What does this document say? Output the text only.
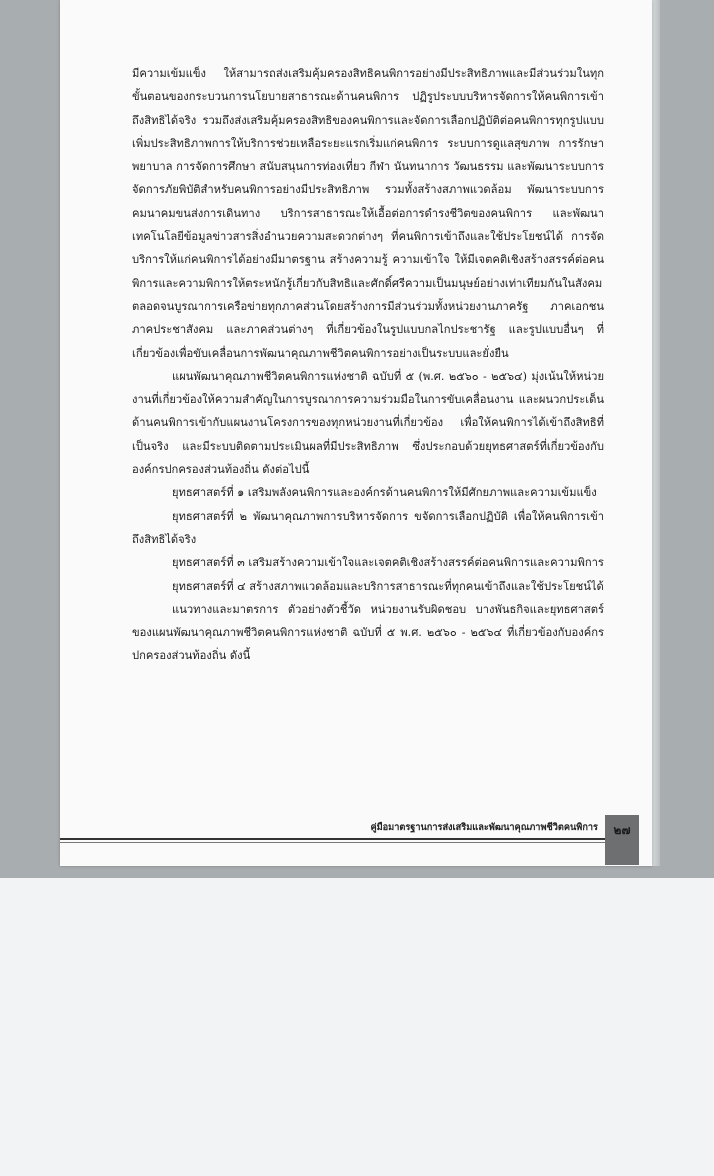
มีความเข้มแข็ง ให้สามารถส่งเสริมคุ้มครองสิทธิคนพิการอย่างมีประสิทธิภาพและมีส่วนร่วมในทุกขั้นตอนของกระบวนการนโยบายสาธารณะด้านคนพิการ ปฏิรูประบบบริหารจัดการให้คนพิการเข้าถึงสิทธิได้จริง รวมถึงส่งเสริมคุ้มครองสิทธิของคนพิการและจัดการเลือกปฏิบัติต่อคนพิการทุกรูปแบบ เพิ่มประสิทธิภาพการให้บริการช่วยเหลือระยะแรกเริ่มแก่คนพิการ ระบบการดูแลสุขภาพ การรักษาพยาบาล การจัดการศึกษา สนับสนุนการท่องเที่ยว กีฬา นันทนาการ วัฒนธรรม และพัฒนาระบบการจัดการภัยพิบัติสำหรับคนพิการอย่างมีประสิทธิภาพ รวมทั้งสร้างสภาพแวดล้อม พัฒนาระบบการคมนาคมขนส่งการเดินทาง บริการสาธารณะให้เอื้อต่อการดำรงชีวิตของคนพิการ และพัฒนาเทคโนโลยีข้อมูลข่าวสารสิ่งอำนวยความสะดวกต่างๆ ที่คนพิการเข้าถึงและใช้ประโยชน์ได้ การจัดบริการให้แก่คนพิการได้อย่างมีมาตรฐาน สร้างความรู้ ความเข้าใจ ให้มีเจตคติเชิงสร้างสรรค์ต่อคนพิการและความพิการให้ตระหนักรู้เกี่ยวกับสิทธิและศักดิ์ศรีความเป็นมนุษย์อย่างเท่าเทียมกันในสังคม ตลอดจนบูรณาการเครือข่ายทุกภาคส่วนโดยสร้างการมีส่วนร่วมทั้งหน่วยงานภาครัฐ ภาคเอกชน ภาคประชาสังคม และภาคส่วนต่างๆ ที่เกี่ยวข้องในรูปแบบกลไกประชารัฐ และรูปแบบอื่นๆ ที่เกี่ยวข้องเพื่อขับเคลื่อนการพัฒนาคุณภาพชีวิตคนพิการอย่างเป็นระบบและยั่งยืน

แผนพัฒนาคุณภาพชีวิตคนพิการแห่งชาติ ฉบับที่ ๕ (พ.ศ. ๒๕๖๐ - ๒๕๖๔) มุ่งเน้นให้หน่วยงานที่เกี่ยวข้องให้ความสำคัญในการบูรณาการความร่วมมือในการขับเคลื่อนงาน และผนวกประเด็นด้านคนพิการเข้ากับแผนงานโครงการของทุกหน่วยงานที่เกี่ยวข้อง เพื่อให้คนพิการได้เข้าถึงสิทธิที่เป็นจริง และมีระบบติดตามประเมินผลที่มีประสิทธิภาพ ซึ่งประกอบด้วยยุทธศาสตร์ที่เกี่ยวข้องกับองค์กรปกครองส่วนท้องถิ่น ดังต่อไปนี้

ยุทธศาสตร์ที่ ๑ เสริมพลังคนพิการและองค์กรด้านคนพิการให้มีศักยภาพและความเข้มแข็ง

ยุทธศาสตร์ที่ ๒ พัฒนาคุณภาพการบริหารจัดการ ขจัดการเลือกปฏิบัติ เพื่อให้คนพิการเข้าถึงสิทธิได้จริง

ยุทธศาสตร์ที่ ๓ เสริมสร้างความเข้าใจและเจตคติเชิงสร้างสรรค์ต่อคนพิการและความพิการ

ยุทธศาสตร์ที่ ๔ สร้างสภาพแวดล้อมและบริการสาธารณะที่ทุกคนเข้าถึงและใช้ประโยชน์ได้

แนวทางและมาตรการ ตัวอย่างตัวชี้วัด หน่วยงานรับผิดชอบ บางพันธกิจและยุทธศาสตร์ของแผนพัฒนาคุณภาพชีวิตคนพิการแห่งชาติ ฉบับที่ ๕ พ.ศ. ๒๕๖๐ - ๒๕๖๔ ที่เกี่ยวข้องกับองค์กรปกครองส่วนท้องถิ่น ดังนี้

คู่มือมาตรฐานการส่งเสริมและพัฒนาคุณภาพชีวิตคนพิการ	๒๗
